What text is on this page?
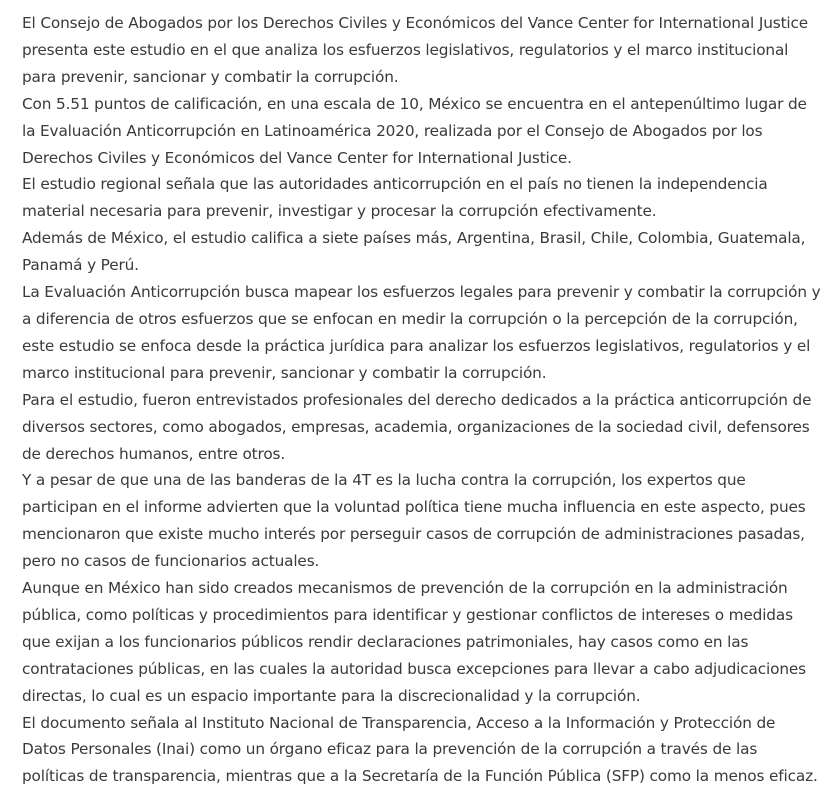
El Consejo de Abogados por los Derechos Civiles y Económicos del Vance Center for International Justice presenta este estudio en el que analiza los esfuerzos legislativos, regulatorios y el marco institucional para prevenir, sancionar y combatir la corrupción.

Con 5.51 puntos de calificación, en una escala de 10, México se encuentra en el antepenúltimo lugar de la Evaluación Anticorrupción en Latinoamérica 2020, realizada por el Consejo de Abogados por los Derechos Civiles y Económicos del Vance Center for International Justice.

El estudio regional señala que las autoridades anticorrupción en el país no tienen la independencia material necesaria para prevenir, investigar y procesar la corrupción efectivamente.

Además de México, el estudio califica a siete países más, Argentina, Brasil, Chile, Colombia, Guatemala, Panamá y Perú.

La Evaluación Anticorrupción busca mapear los esfuerzos legales para prevenir y combatir la corrupción y a diferencia de otros esfuerzos que se enfocan en medir la corrupción o la percepción de la corrupción, este estudio se enfoca desde la práctica jurídica para analizar los esfuerzos legislativos, regulatorios y el marco institucional para prevenir, sancionar y combatir la corrupción.

Para el estudio, fueron entrevistados profesionales del derecho dedicados a la práctica anticorrupción de diversos sectores, como abogados, empresas, academia, organizaciones de la sociedad civil, defensores de derechos humanos, entre otros.

Y a pesar de que una de las banderas de la 4T es la lucha contra la corrupción, los expertos que participan en el informe advierten que la voluntad política tiene mucha influencia en este aspecto, pues mencionaron que existe mucho interés por perseguir casos de corrupción de administraciones pasadas, pero no casos de funcionarios actuales.

Aunque en México han sido creados mecanismos de prevención de la corrupción en la administración pública, como políticas y procedimientos para identificar y gestionar conflictos de intereses o medidas que exijan a los funcionarios públicos rendir declaraciones patrimoniales, hay casos como en las contrataciones públicas, en las cuales la autoridad busca excepciones para llevar a cabo adjudicaciones directas, lo cual es un espacio importante para la discrecionalidad y la corrupción.

El documento señala al Instituto Nacional de Transparencia, Acceso a la Información y Protección de Datos Personales (Inai) como un órgano eficaz para la prevención de la corrupción a través de las políticas de transparencia, mientras que a la Secretaría de la Función Pública (SFP) como la menos eficaz.
